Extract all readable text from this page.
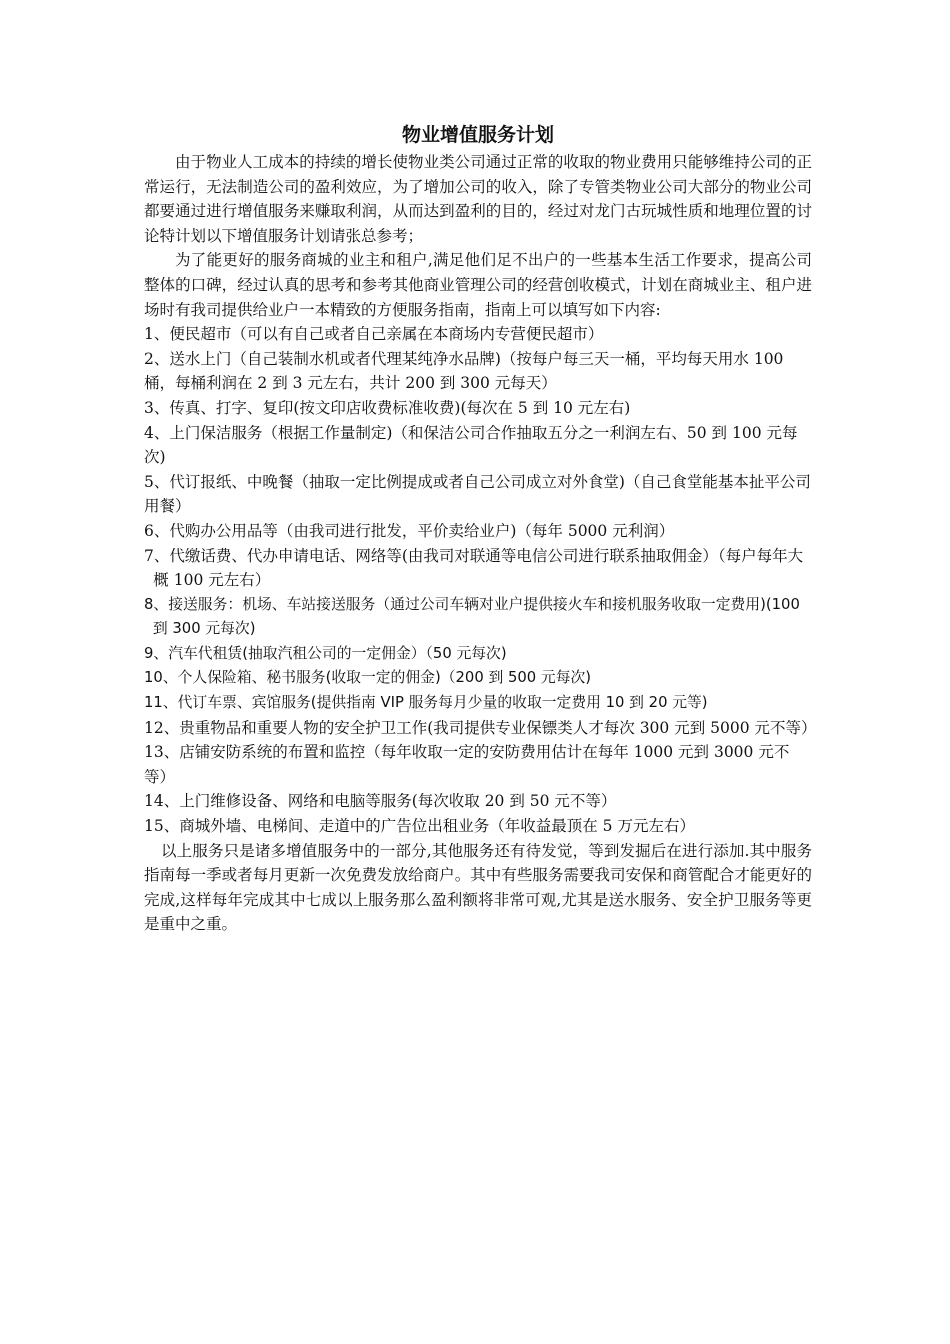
物业增值服务计划

由于物业人工成本的持续的增长使物业类公司通过正常的收取的物业费用只能够维持公司的正常运行，无法制造公司的盈利效应，为了增加公司的收入，除了专管类物业公司大部分的物业公司都要通过进行增值服务来赚取利润，从而达到盈利的目的，经过对龙门古玩城性质和地理位置的讨论特计划以下增值服务计划请张总参考；

为了能更好的服务商城的业主和租户,满足他们足不出户的一些基本生活工作要求，提高公司整体的口碑，经过认真的思考和参考其他商业管理公司的经营创收模式，计划在商城业主、租户进场时有我司提供给业户一本精致的方便服务指南，指南上可以填写如下内容:

1、便民超市（可以有自己或者自己亲属在本商场内专营便民超市）
2、送水上门（自己装制水机或者代理某纯净水品牌)（按每户每三天一桶，平均每天用水 100 桶，每桶利润在 2 到 3 元左右，共计 200 到 300 元每天）
3、传真、打字、复印(按文印店收费标准收费)(每次在 5 到 10 元左右)
4、上门保洁服务（根据工作量制定)（和保洁公司合作抽取五分之一利润左右、50 到 100 元每次)
5、代订报纸、中晚餐（抽取一定比例提成或者自己公司成立对外食堂)（自己食堂能基本扯平公司用餐）
6、代购办公用品等（由我司进行批发，平价卖给业户)（每年 5000 元利润）
7、代缴话费、代办申请电话、网络等(由我司对联通等电信公司进行联系抽取佣金）（每户每年大概 100 元左右）
8、接送服务：机场、车站接送服务（通过公司车辆对业户提供接火车和接机服务收取一定费用)(100 到 300 元每次)
9、汽车代租赁(抽取汽租公司的一定佣金）（50 元每次)
10、个人保险箱、秘书服务(收取一定的佣金)（200 到 500 元每次)
11、代订车票、宾馆服务(提供指南 VIP 服务每月少量的收取一定费用 10 到 20 元等)
12、贵重物品和重要人物的安全护卫工作(我司提供专业保镖类人才每次 300 元到 5000 元不等）
13、店铺安防系统的布置和监控（每年收取一定的安防费用估计在每年 1000 元到 3000 元不等）
14、上门维修设备、网络和电脑等服务(每次收取 20 到 50 元不等）
15、商城外墙、电梯间、走道中的广告位出租业务（年收益最顶在 5 万元左右）

以上服务只是诸多增值服务中的一部分,其他服务还有待发觉，等到发掘后在进行添加.其中服务指南每一季或者每月更新一次免费发放给商户。其中有些服务需要我司安保和商管配合才能更好的完成,这样每年完成其中七成以上服务那么盈利额将非常可观,尤其是送水服务、安全护卫服务等更是重中之重。
